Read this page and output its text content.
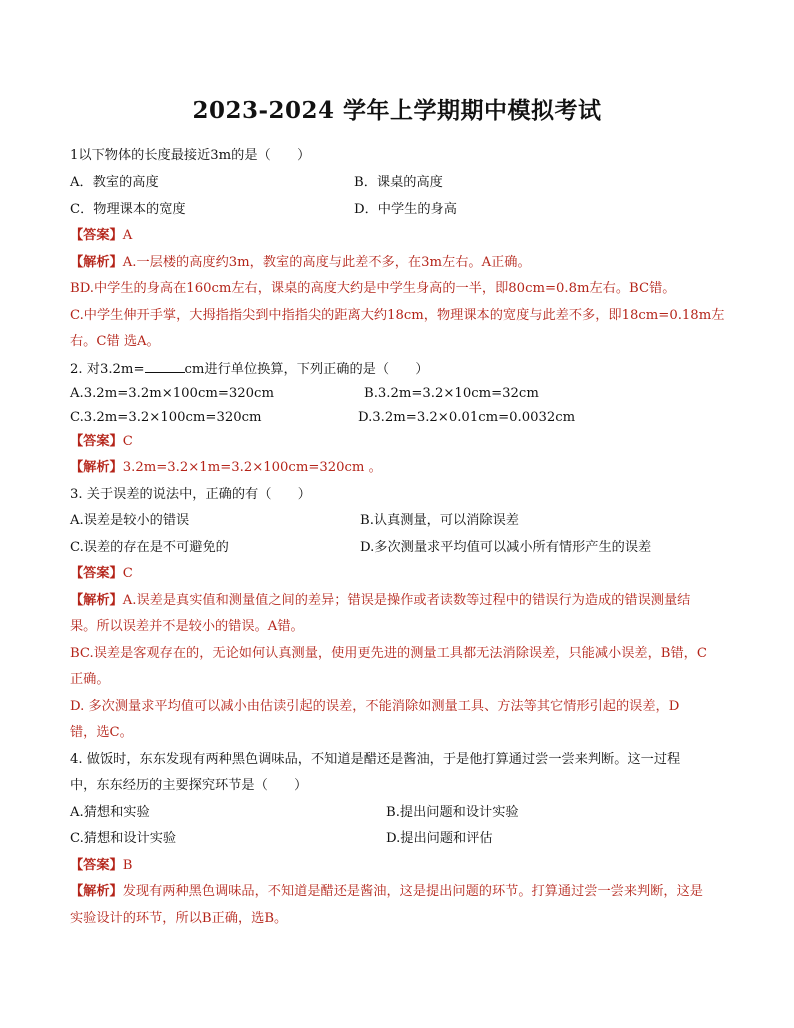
2023-2024 学年上学期期中模拟考试
1以下物体的长度最接近3m的是（　　）
A．教室的高度	B．课桌的高度
C．物理课本的宽度	D．中学生的身高
【答案】A
【解析】A.一层楼的高度约3m，教室的高度与此差不多，在3m左右。A正确。
BD.中学生的身高在160cm左右，课桌的高度大约是中学生身高的一半，即80cm=0.8m左右。BC错。
C.中学生伸开手掌，大拇指指尖到中指指尖的距离大约18cm，物理课本的宽度与此差不多，即18cm=0.18m左
右。C错 选A。
2. 对3.2m=	cm进行单位换算，下列正确的是（　　）
A.3.2m=3.2m×100cm=320cm	B.3.2m=3.2×10cm=32cm
C.3.2m=3.2×100cm=320cm	D.3.2m=3.2×0.01cm=0.0032cm
【答案】C
【解析】3.2m=3.2×1m=3.2×100cm=320cm 。
3. 关于误差的说法中，正确的有（　　）
A.误差是较小的错误	B.认真测量，可以消除误差
C.误差的存在是不可避免的	D.多次测量求平均值可以减小所有情形产生的误差
【答案】C
【解析】A.误差是真实值和测量值之间的差异；错误是操作或者读数等过程中的错误行为造成的错误测量结
果。所以误差并不是较小的错误。A错。
BC.误差是客观存在的，无论如何认真测量，使用更先进的测量工具都无法消除误差，只能减小误差，B错，C
正确。
D. 多次测量求平均值可以减小由估读引起的误差，不能消除如测量工具、方法等其它情形引起的误差，D
错，选C。
4. 做饭时，东东发现有两种黑色调味品，不知道是醋还是酱油，于是他打算通过尝一尝来判断。这一过程
中，东东经历的主要探究环节是（　　）
A.猜想和实验	B.提出问题和设计实验
C.猜想和设计实验	D.提出问题和评估
【答案】B
【解析】发现有两种黑色调味品，不知道是醋还是酱油，这是提出问题的环节。打算通过尝一尝来判断，这是
实验设计的环节，所以B正确，选B。
